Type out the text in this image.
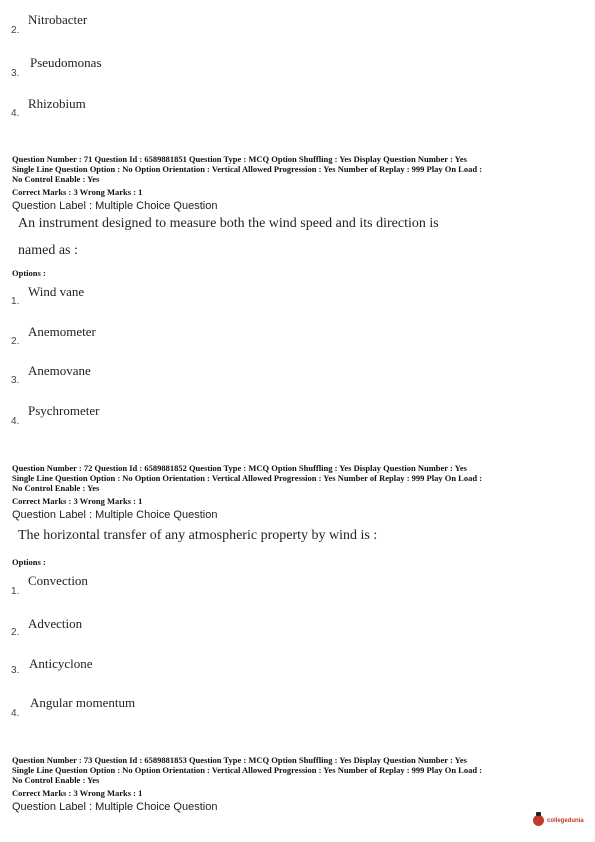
2.
Nitrobacter
3.
Pseudomonas
4.
Rhizobium
Question Number : 71 Question Id : 6589881851 Question Type : MCQ Option Shuffling : Yes Display Question Number : Yes
Single Line Question Option : No Option Orientation : Vertical Allowed Progression : Yes Number of Replay : 999 Play On Load :
No Control Enable : Yes
Correct Marks : 3 Wrong Marks : 1
Question Label : Multiple Choice Question
An instrument designed to measure both the wind speed and its direction is
named as :
Options :
1.
Wind vane
2.
Anemometer
3.
Anemovane
4.
Psychrometer
Question Number : 72 Question Id : 6589881852 Question Type : MCQ Option Shuffling : Yes Display Question Number : Yes
Single Line Question Option : No Option Orientation : Vertical Allowed Progression : Yes Number of Replay : 999 Play On Load :
No Control Enable : Yes
Correct Marks : 3 Wrong Marks : 1
Question Label : Multiple Choice Question
The horizontal transfer of any atmospheric property by wind is :
Options :
1.
Convection
2.
Advection
3. Anticyclone
4.
Angular momentum
Question Number : 73 Question Id : 6589881853 Question Type : MCQ Option Shuffling : Yes Display Question Number : Yes
Single Line Question Option : No Option Orientation : Vertical Allowed Progression : Yes Number of Replay : 999 Play On Load :
No Control Enable : Yes
Correct Marks : 3 Wrong Marks : 1
Question Label : Multiple Choice Question
collegedunia
